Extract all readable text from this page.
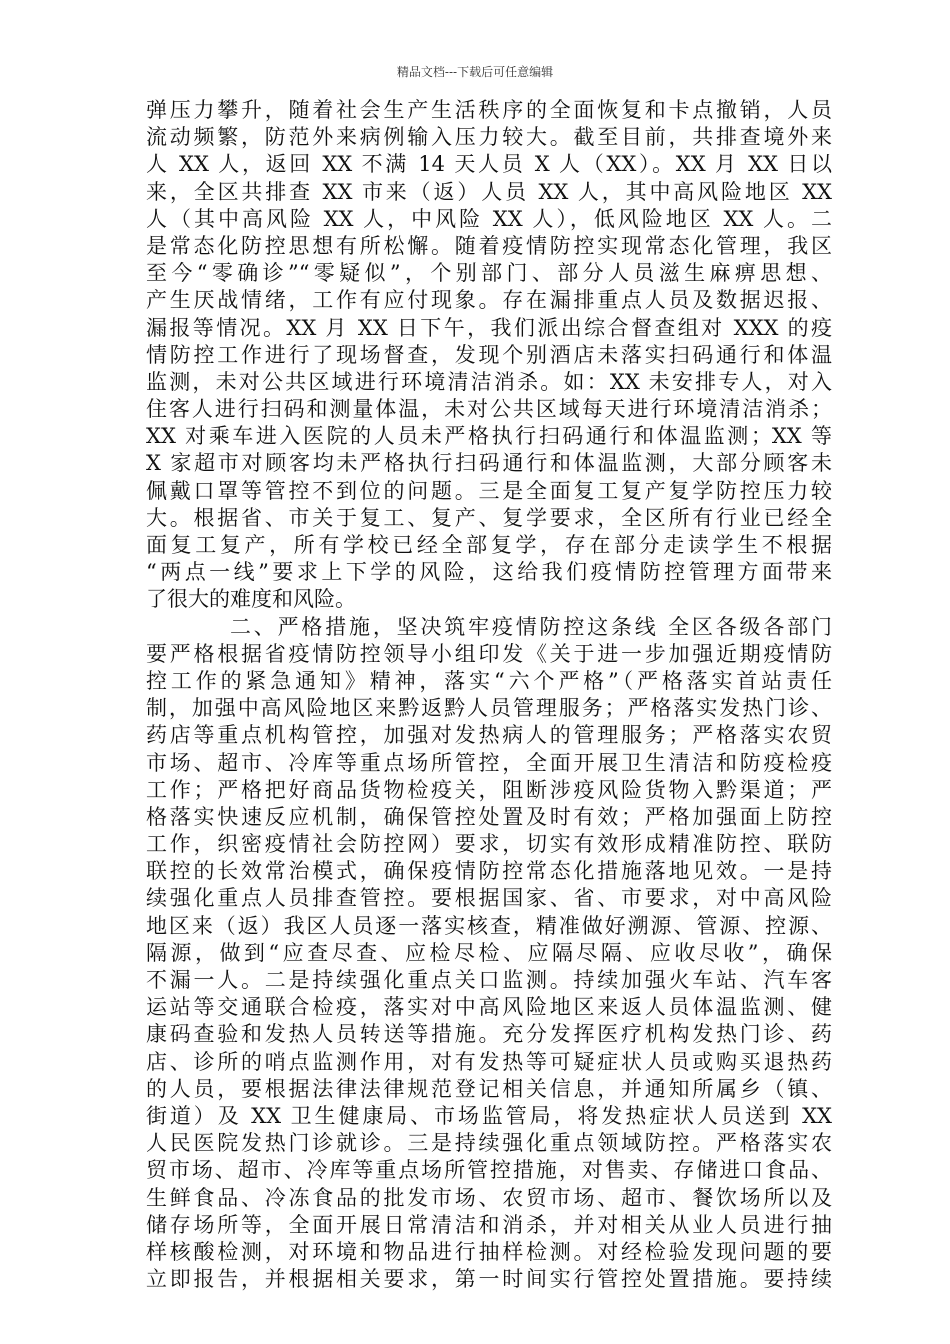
精品文档---下载后可任意编辑
弹压力攀升，随着社会生产生活秩序的全面恢复和卡点撤销，人员
流动频繁，防范外来病例输入压力较大。截至目前，共排查境外来
人 XX 人，返回 XX 不满 14 天人员 X 人（XX）。XX 月 XX 日以
来，全区共排查 XX 市来（返）人员 XX 人，其中高风险地区 XX
人（其中高风险 XX 人，中风险 XX 人），低风险地区 XX 人。二
是常态化防控思想有所松懈。随着疫情防控实现常态化管理，我区
至今“零确诊”“零疑似”，个别部门、部分人员滋生麻痹思想、
产生厌战情绪，工作有应付现象。存在漏排重点人员及数据迟报、
漏报等情况。XX 月 XX 日下午，我们派出综合督查组对 XXX 的疫
情防控工作进行了现场督查，发现个别酒店未落实扫码通行和体温
监测，未对公共区域进行环境清洁消杀。如：XX 未安排专人，对入
住客人进行扫码和测量体温，未对公共区域每天进行环境清洁消杀；
XX 对乘车进入医院的人员未严格执行扫码通行和体温监测；XX 等
X 家超市对顾客均未严格执行扫码通行和体温监测，大部分顾客未
佩戴口罩等管控不到位的问题。三是全面复工复产复学防控压力较
大。根据省、市关于复工、复产、复学要求，全区所有行业已经全
面复工复产，所有学校已经全部复学，存在部分走读学生不根据
“两点一线”要求上下学的风险，这给我们疫情防控管理方面带来
了很大的难度和风险。
二、严格措施，坚决筑牢疫情防控这条线 全区各级各部门
要严格根据省疫情防控领导小组印发《关于进一步加强近期疫情防
控工作的紧急通知》精神，落实“六个严格”（严格落实首站责任
制，加强中高风险地区来黔返黔人员管理服务；严格落实发热门诊、
药店等重点机构管控，加强对发热病人的管理服务；严格落实农贸
市场、超市、冷库等重点场所管控，全面开展卫生清洁和防疫检疫
工作；严格把好商品货物检疫关，阻断涉疫风险货物入黔渠道；严
格落实快速反应机制，确保管控处置及时有效；严格加强面上防控
工作，织密疫情社会防控网）要求，切实有效形成精准防控、联防
联控的长效常治模式，确保疫情防控常态化措施落地见效。一是持
续强化重点人员排查管控。要根据国家、省、市要求，对中高风险
地区来（返）我区人员逐一落实核查，精准做好溯源、管源、控源、
隔源，做到“应查尽查、应检尽检、应隔尽隔、应收尽收”，确保
不漏一人。二是持续强化重点关口监测。持续加强火车站、汽车客
运站等交通联合检疫，落实对中高风险地区来返人员体温监测、健
康码查验和发热人员转送等措施。充分发挥医疗机构发热门诊、药
店、诊所的哨点监测作用，对有发热等可疑症状人员或购买退热药
的人员，要根据法律法律规范登记相关信息，并通知所属乡（镇、
街道）及 XX 卫生健康局、市场监管局，将发热症状人员送到 XX
人民医院发热门诊就诊。三是持续强化重点领域防控。严格落实农
贸市场、超市、冷库等重点场所管控措施，对售卖、存储进口食品、
生鲜食品、冷冻食品的批发市场、农贸市场、超市、餐饮场所以及
储存场所等，全面开展日常清洁和消杀，并对相关从业人员进行抽
样核酸检测，对环境和物品进行抽样检测。对经检验发现问题的要
立即报告，并根据相关要求，第一时间实行管控处置措施。要持续
